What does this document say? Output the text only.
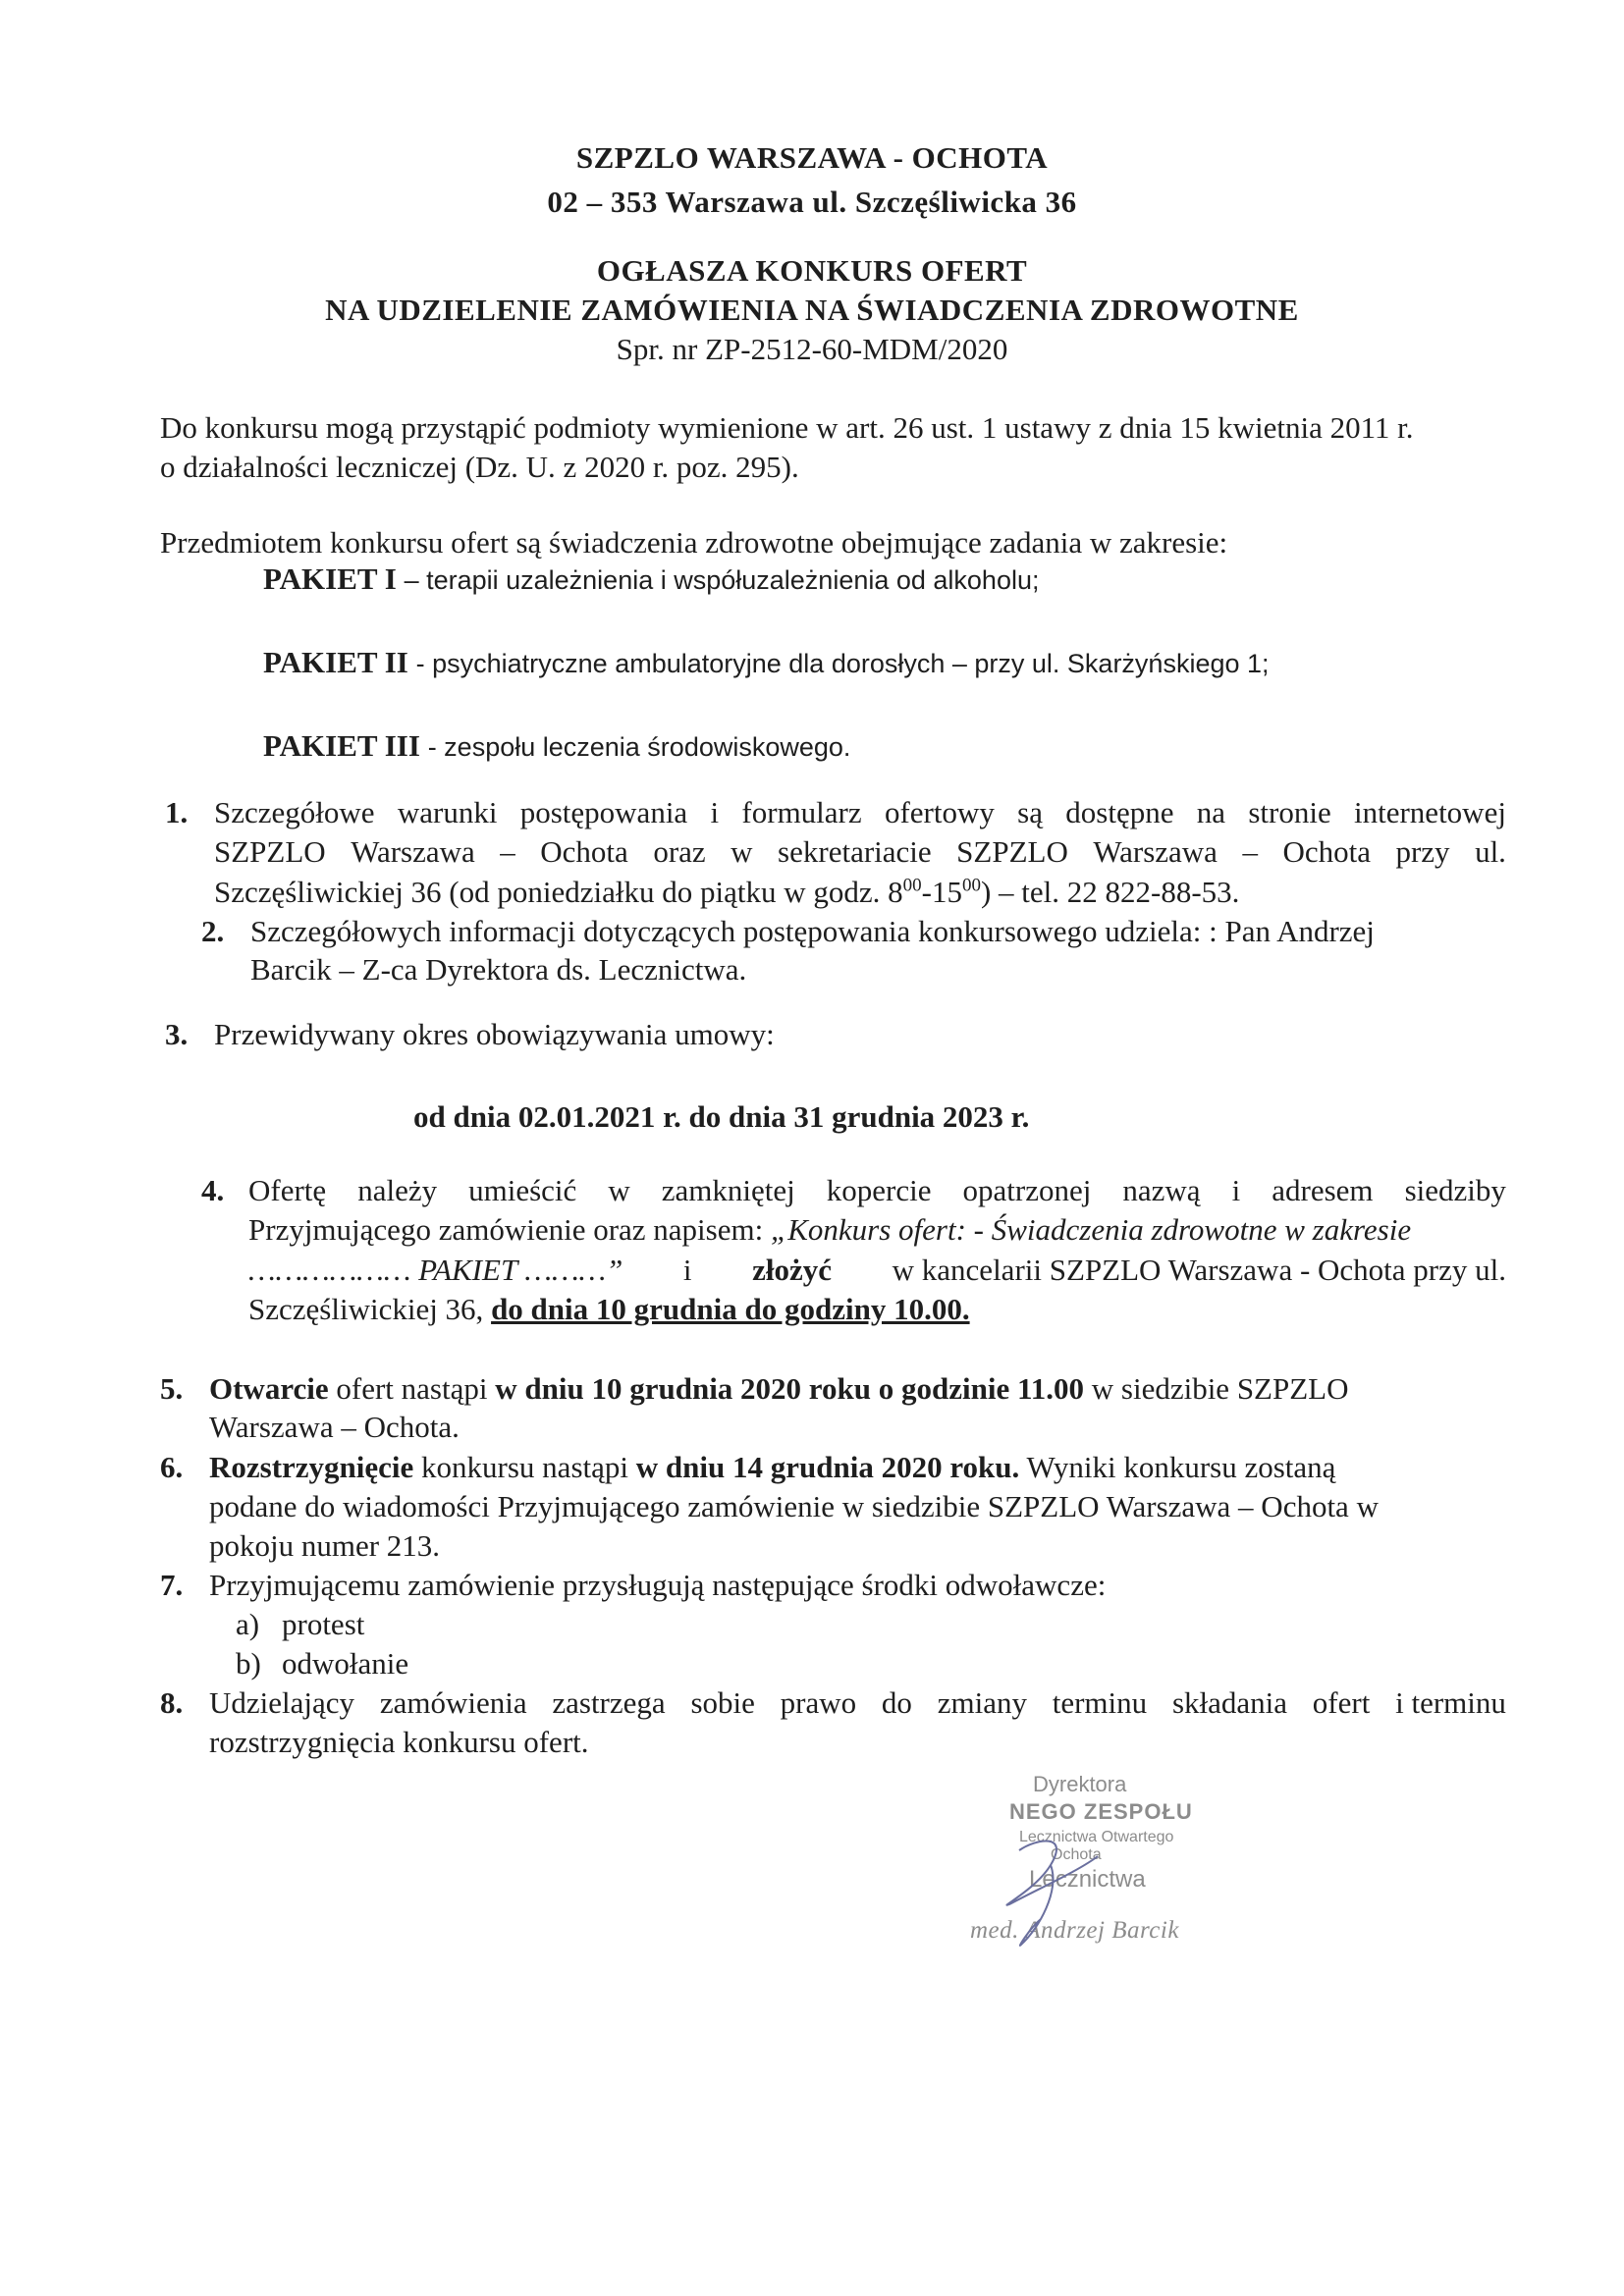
SZPZLO WARSZAWA - OCHOTA
02 – 353 Warszawa ul. Szczęśliwicka 36
OGŁASZA KONKURS OFERT
NA UDZIELENIE ZAMÓWIENIA NA ŚWIADCZENIA ZDROWOTNE
Spr. nr ZP-2512-60-MDM/2020
Do konkursu mogą przystąpić podmioty wymienione w art. 26 ust. 1 ustawy z dnia 15 kwietnia 2011 r.
o działalności leczniczej (Dz. U. z 2020 r. poz. 295).
Przedmiotem konkursu ofert są świadczenia zdrowotne obejmujące zadania w zakresie:
PAKIET I – terapii uzależnienia i współuzależnienia od alkoholu;
PAKIET II - psychiatryczne ambulatoryjne dla dorosłych – przy ul. Skarżyńskiego 1;
PAKIET III - zespołu leczenia środowiskowego.
1. Szczegółowe warunki postępowania i formularz ofertowy są dostępne na stronie internetowej
SZPZLO Warszawa – Ochota oraz w sekretariacie SZPZLO Warszawa – Ochota przy ul.
Szczęśliwickiej 36 (od poniedziałku do piątku w godz. $8^{00}-15^{00}$) – tel. 22 822-88-53.
2. Szczegółowych informacji dotyczących postępowania konkursowego udziela: : Pan Andrzej
Barcik – Z-ca Dyrektora ds. Lecznictwa.
3. Przewidywany okres obowiązywania umowy:
od dnia 02.01.2021 r. do dnia 31 grudnia 2023 r.
4. Ofertę należy umieścić w zamkniętej kopercie opatrzonej nazwą i adresem siedziby
Przyjmującego zamówienie oraz napisem: „Konkurs ofert: - Świadczenia zdrowotne w zakresie
……………… PAKIET ………” i złożyć w kancelarii SZPZLO Warszawa - Ochota przy ul.
Szczęśliwickiej 36, do dnia 10 grudnia do godziny 10.00.
5. Otwarcie ofert nastąpi w dniu 10 grudnia 2020 roku o godzinie 11.00 w siedzibie SZPZLO
Warszawa – Ochota.
6. Rozstrzygnięcie konkursu nastąpi w dniu 14 grudnia 2020 roku. Wyniki konkursu zostaną
podane do wiadomości Przyjmującego zamówienie w siedzibie SZPZLO Warszawa – Ochota w
pokoju numer 213.
7. Przyjmującemu zamówienie przysługują następujące środki odwoławcze:
a) protest
b) odwołanie
8. Udzielający zamówienia zastrzega sobie prawo do zmiany terminu składania ofert i terminu
rozstrzygnięcia konkursu ofert.
Dyrektora
NEGO ZESPOŁU
Lecznictwa Otwartego
Ochota
Lecznictwa
med. Andrzej Barcik
